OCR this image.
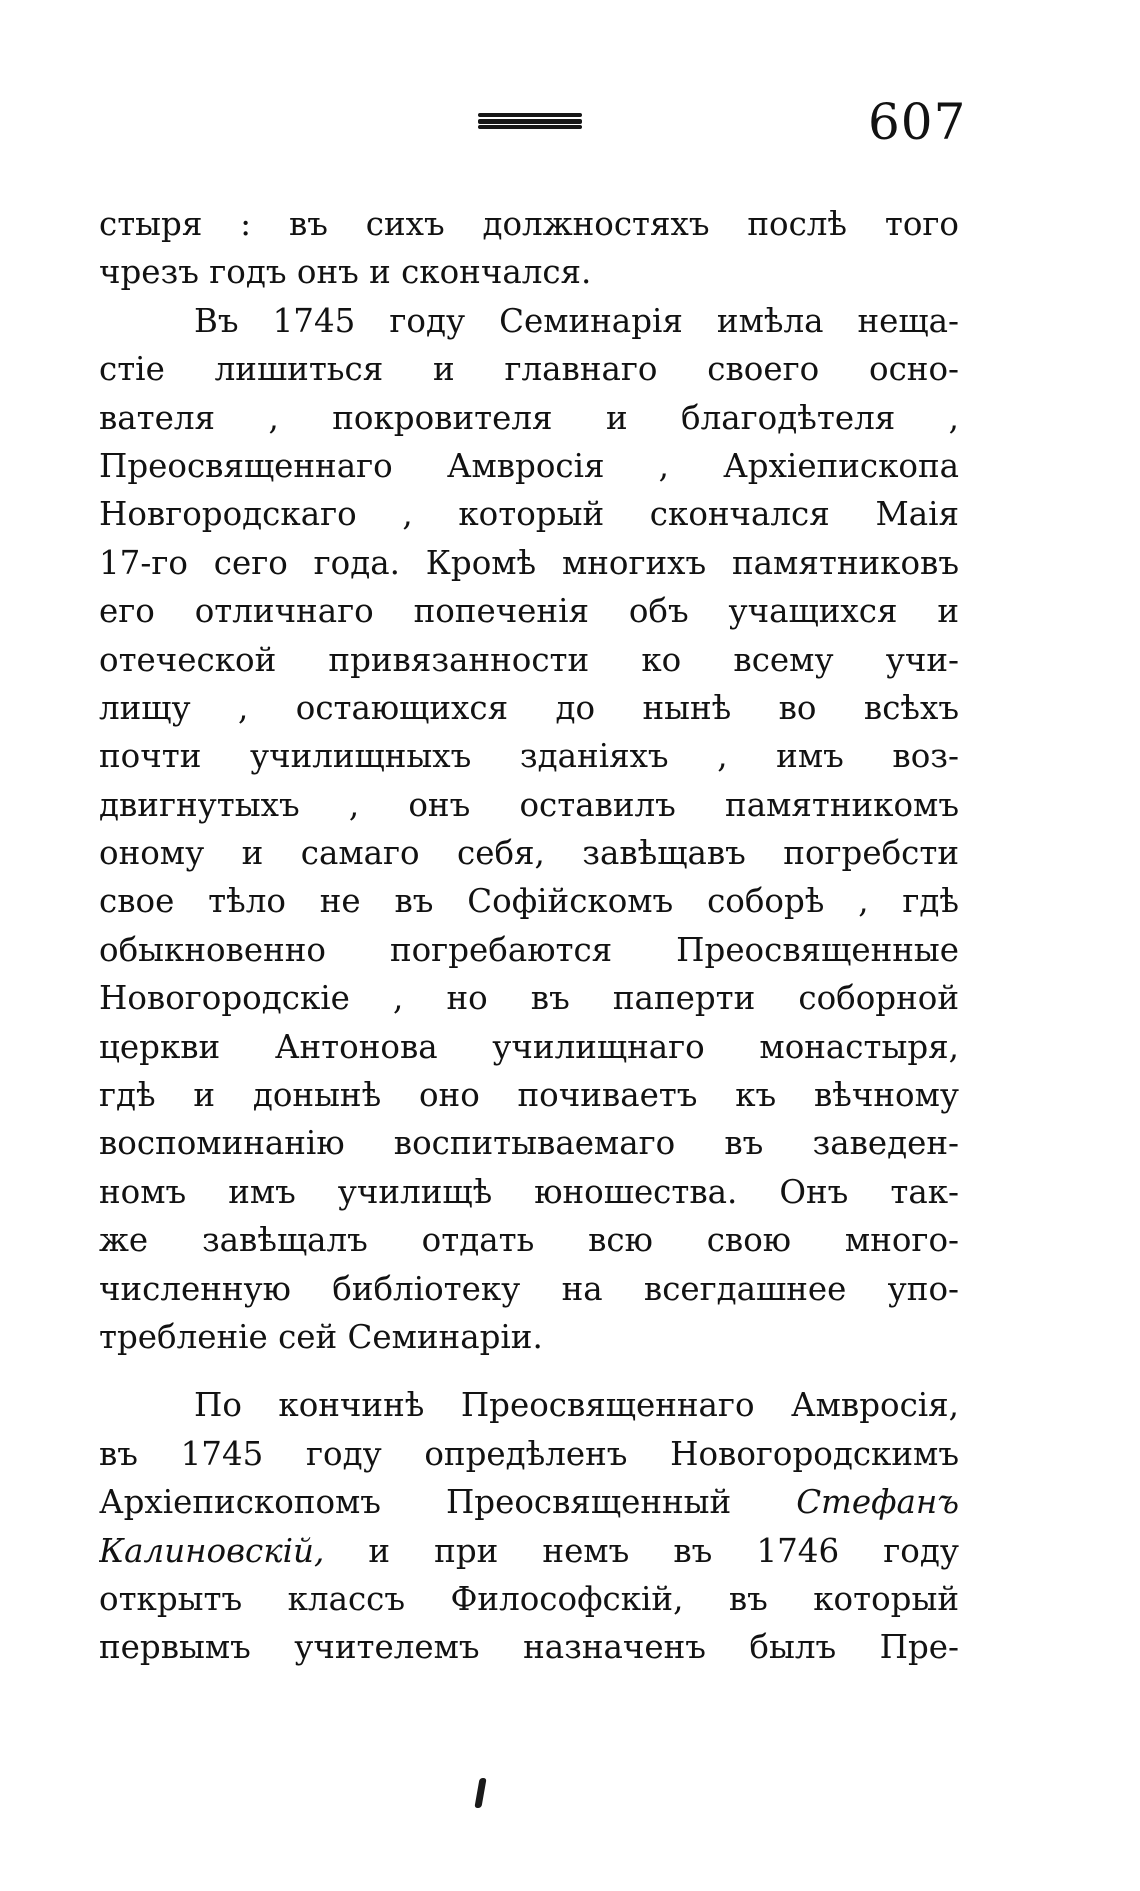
607
стыря : въ сихъ должностяхъ послѣ того
чрезъ годъ онъ и скончался.
Въ 1745 году Семинарія имѣла неща-
стіе лишиться и главнаго своего осно-
вателя , покровителя и благодѣтеля ,
Преосвященнаго Амвросія , Архіепископа
Новгородскаго , который скончался Маія
17-го сего года. Кромѣ многихъ памятниковъ
его отличнаго попеченія объ учащихся и
отеческой привязанности ко всему учи-
лищу , остающихся до нынѣ во всѣхъ
почти училищныхъ зданіяхъ , имъ воз-
двигнутыхъ , онъ оставилъ памятникомъ
оному и самаго себя, завѣщавъ погребсти
свое тѣло не въ Софійскомъ соборѣ , гдѣ
обыкновенно погребаются Преосвященные
Новогородскіе , но въ паперти соборной
церкви Антонова училищнаго монастыря,
гдѣ и донынѣ оно почиваетъ къ вѣчному
воспоминанію воспитываемаго въ заведен-
номъ имъ училищѣ юношества. Онъ так-
же завѣщалъ отдать всю свою много-
численную библіотеку на всегдашнее упо-
требленіе сей Семинаріи.
По кончинѣ Преосвященнаго Амвросія,
въ 1745 году опредѣленъ Новогородскимъ
Архіепископомъ Преосвященный Стефанъ
Калиновскій, и при немъ въ 1746 году
открытъ классъ Философскій, въ который
первымъ учителемъ назначенъ былъ Пре-
